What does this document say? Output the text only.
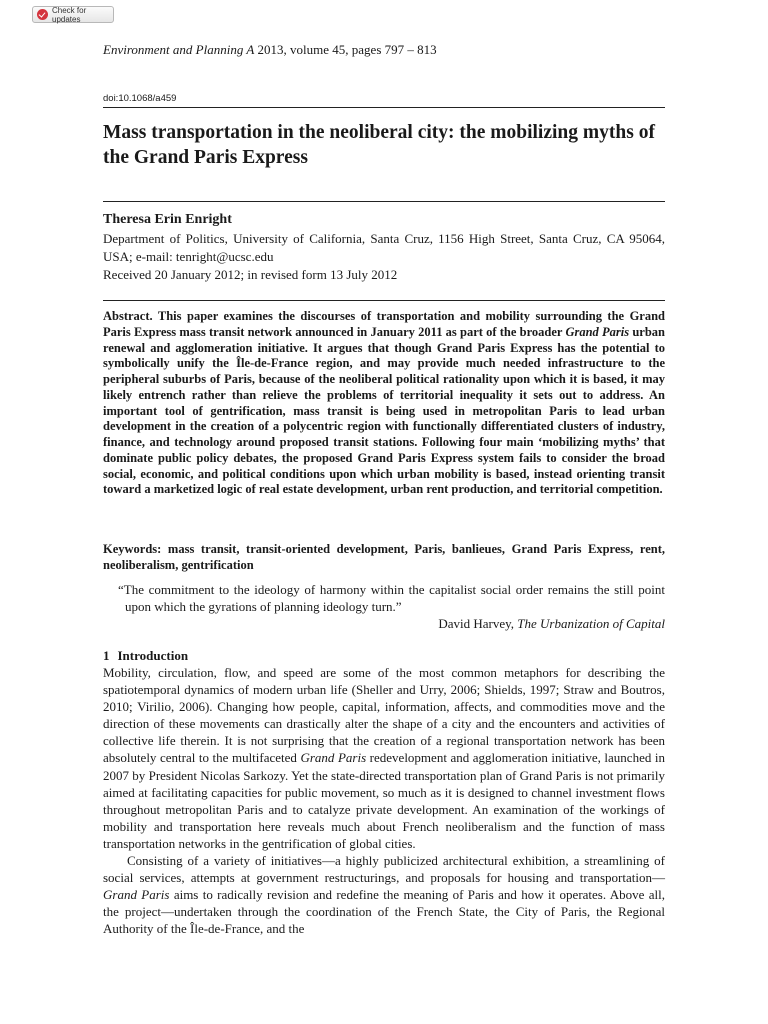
Check for updates
Environment and Planning A 2013, volume 45, pages 797 – 813
doi:10.1068/a459
Mass transportation in the neoliberal city: the mobilizing myths of the Grand Paris Express
Theresa Erin Enright
Department of Politics, University of California, Santa Cruz, 1156 High Street, Santa Cruz, CA 95064, USA; e-mail: tenright@ucsc.edu
Received 20 January 2012; in revised form 13 July 2012

Abstract. This paper examines the discourses of transportation and mobility surrounding the Grand Paris Express mass transit network announced in January 2011 as part of the broader Grand Paris urban renewal and agglomeration initiative. It argues that though Grand Paris Express has the potential to symbolically unify the Île-de-France region, and may provide much needed infrastructure to the peripheral suburbs of Paris, because of the neoliberal political rationality upon which it is based, it may likely entrench rather than relieve the problems of territorial inequality it sets out to address. An important tool of gentrification, mass transit is being used in metropolitan Paris to lead urban development in the creation of a polycentric region with functionally differentiated clusters of industry, finance, and technology around proposed transit stations. Following four main ‘mobilizing myths’ that dominate public policy debates, the proposed Grand Paris Express system fails to consider the broad social, economic, and political conditions upon which urban mobility is based, instead orienting transit toward a marketized logic of real estate development, urban rent production, and territorial competition.

Keywords: mass transit, transit-oriented development, Paris, banlieues, Grand Paris Express, rent, neoliberalism, gentrification

“The commitment to the ideology of harmony within the capitalist social order remains the still point upon which the gyrations of planning ideology turn.”
David Harvey, The Urbanization of Capital
1 Introduction

Mobility, circulation, flow, and speed are some of the most common metaphors for describing the spatiotemporal dynamics of modern urban life (Sheller and Urry, 2006; Shields, 1997; Straw and Boutros, 2010; Virilio, 2006). Changing how people, capital, information, affects, and commodities move and the direction of these movements can drastically alter the shape of a city and the encounters and activities of collective life therein. It is not surprising that the creation of a regional transportation network has been absolutely central to the multifaceted Grand Paris redevelopment and agglomeration initiative, launched in 2007 by President Nicolas Sarkozy. Yet the state-directed transportation plan of Grand Paris is not primarily aimed at facilitating capacities for public movement, so much as it is designed to channel investment flows throughout metropolitan Paris and to catalyze private development. An examination of the workings of mobility and transportation here reveals much about French neoliberalism and the function of mass transportation networks in the gentrification of global cities.

Consisting of a variety of initiatives—a highly publicized architectural exhibition, a streamlining of social services, attempts at government restructurings, and proposals for housing and transportation—Grand Paris aims to radically revision and redefine the meaning of Paris and how it operates. Above all, the project—undertaken through the coordination of the French State, the City of Paris, the Regional Authority of the Île-de-France, and the
